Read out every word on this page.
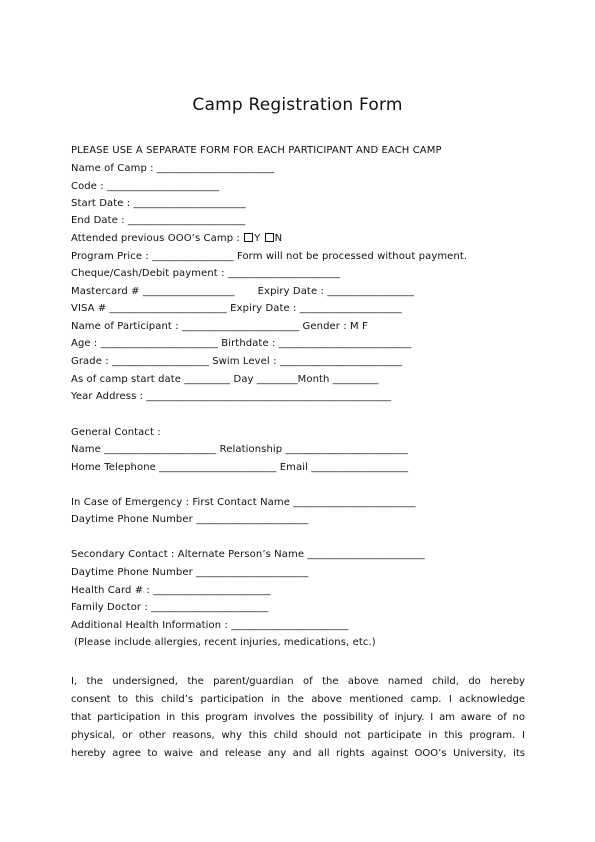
Camp Registration Form
PLEASE USE A SEPARATE FORM FOR EACH PARTICIPANT AND EACH CAMP
Name of Camp : _______________________
Code : ______________________
Start Date : ______________________
End Date : _______________________
Attended previous OOO’s Camp : Y N
Program Price : ________________ Form will not be processed without payment.
Cheque/Cash/Debit payment : ______________________
Mastercard # __________________       Expiry Date : _________________
VISA # _______________________ Expiry Date : ____________________
Name of Participant : _______________________ Gender : M F
Age : _______________________ Birthdate : __________________________
Grade : ___________________ Swim Level : ________________________
As of camp start date _________ Day ________Month _________
Year Address : ________________________________________________
General Contact :
Name ______________________ Relationship ________________________
Home Telephone _______________________ Email ___________________
In Case of Emergency : First Contact Name ________________________
Daytime Phone Number ______________________
Secondary Contact : Alternate Person’s Name _______________________
Daytime Phone Number ______________________
Health Card # : _______________________
Family Doctor : _______________________
Additional Health Information : _______________________
(Please include allergies, recent injuries, medications, etc.)
I, the undersigned, the parent/guardian of the above named child, do hereby
consent to this child’s participation in the above mentioned camp. I acknowledge
that participation in this program involves the possibility of injury. I am aware of no
physical, or other reasons, why this child should not participate in this program. I
hereby agree to waive and release any and all rights against OOO’s University, its
